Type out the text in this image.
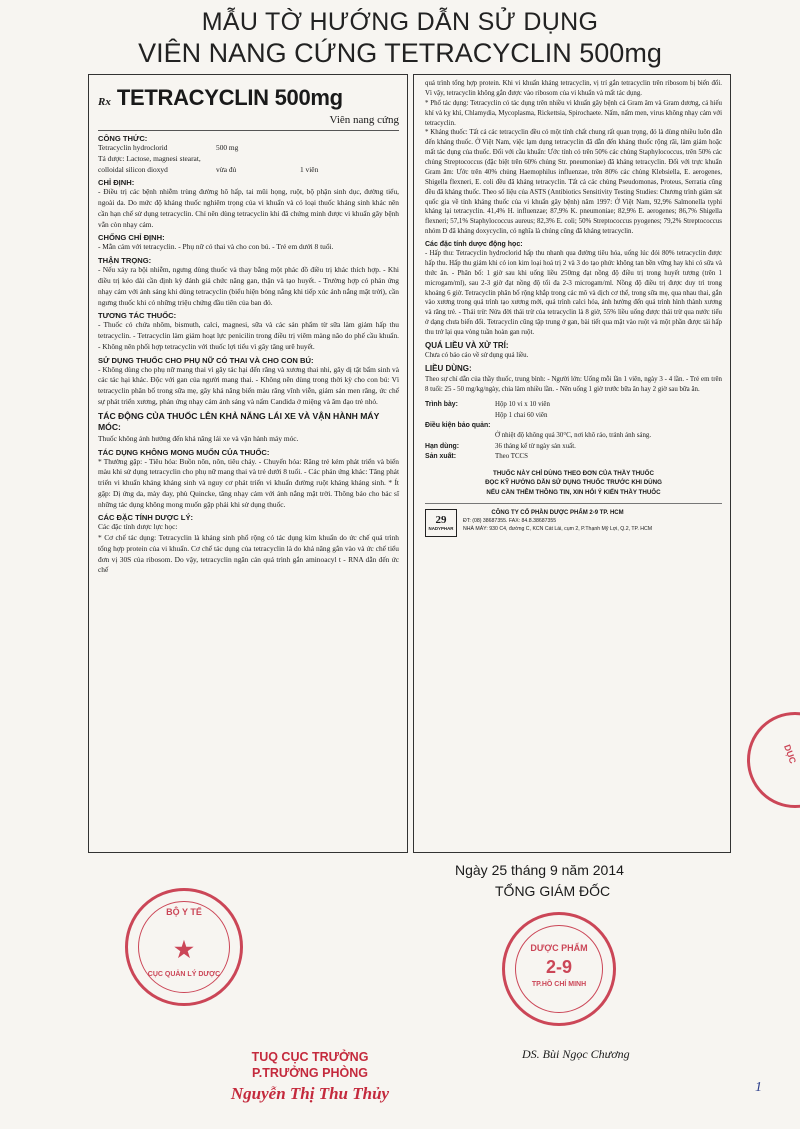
MẪU TỜ HƯỚNG DẪN SỬ DỤNG
VIÊN NANG CỨNG TETRACYCLIN 500mg
Rx TETRACYCLIN 500mg
Viên nang cứng
CÔNG THỨC:
Tetracyclin hydroclorid	500 mg
Tá dược: Lactose, magnesi stearat,
colloidal silicon dioxyd	vừa đủ	1 viên
CHỈ ĐỊNH:

- Điều trị các bệnh nhiễm trùng đường hô hấp, tai mũi họng, ruột, bộ phận sinh dục, đường tiểu, ngoài da. Do mức độ kháng thuốc nghiêm trọng của vi khuẩn và có loại thuốc kháng sinh khác nên cần hạn chế sử dụng tetracyclin. Chỉ nên dùng tetracyclin khi đã chứng minh được vi khuẩn gây bệnh vẫn còn nhạy cảm.

CHỐNG CHỈ ĐỊNH:

- Mẫn cảm với tetracyclin. - Phụ nữ có thai và cho con bú. - Trẻ em dưới 8 tuổi.

THẬN TRỌNG:

- Nếu xảy ra bội nhiễm, ngưng dùng thuốc và thay bằng một phác đồ điều trị khác thích hợp. - Khi điều trị kéo dài cần định kỳ đánh giá chức năng gan, thận và tạo huyết. - Trường hợp có phản ứng nhạy cảm với ánh sáng khi dùng tetracyclin (biểu hiện bỏng nắng khi tiếp xúc ánh nắng mặt trời), cần ngưng thuốc khi có những triệu chứng đầu tiên của ban đỏ.

TƯƠNG TÁC THUỐC:

- Thuốc có chứa nhôm, bismuth, calci, magnesi, sữa và các sản phẩm từ sữa làm giảm hấp thu tetracyclin. - Tetracyclin làm giảm hoạt lực penicilin trong điều trị viêm màng não do phế cầu khuẩn. - Không nên phối hợp tetracyclin với thuốc lợi tiểu vì gây tăng urê huyết.

SỬ DỤNG THUỐC CHO PHỤ NỮ CÓ THAI VÀ CHO CON BÚ:

- Không dùng cho phụ nữ mang thai vì gây tác hại đến răng và xương thai nhi, gây dị tật bẩm sinh và các tác hại khác. Độc với gan của người mang thai. - Không nên dùng trong thời kỳ cho con bú: Vì tetracyclin phân bố trong sữa mẹ, gây khả năng biến màu răng vĩnh viễn, giảm sản men răng, ức chế sự phát triển xương, phản ứng nhạy cảm ánh sáng và nấm Candida ở miệng và âm đạo trẻ nhỏ.

TÁC ĐỘNG CỦA THUỐC LÊN KHẢ NĂNG LÁI XE VÀ VẬN HÀNH MÁY MÓC:

Thuốc không ảnh hưởng đến khả năng lái xe và vận hành máy móc.

TÁC DỤNG KHÔNG MONG MUỐN CỦA THUỐC:

* Thường gặp: - Tiêu hóa: Buồn nôn, nôn, tiêu chảy. - Chuyển hóa: Răng trẻ kém phát triển và biến màu khi sử dụng tetracyclin cho phụ nữ mang thai và trẻ dưới 8 tuổi. - Các phản ứng khác: Tăng phát triển vi khuẩn kháng kháng sinh và nguy cơ phát triển vi khuẩn đường ruột kháng kháng sinh. * Ít gặp: Dị ứng da, mày đay, phù Quincke, tăng nhạy cảm với ánh nắng mặt trời. Thông báo cho bác sĩ những tác dụng không mong muốn gặp phải khi sử dụng thuốc.

CÁC ĐẶC TÍNH DƯỢC LÝ:

Các đặc tính dược lực học:

* Cơ chế tác dụng: Tetracyclin là kháng sinh phổ rộng có tác dụng kìm khuẩn do ức chế quá trình tổng hợp protein của vi khuẩn. Cơ chế tác dụng của tetracyclin là do khả năng gắn vào và ức chế tiểu đơn vị 30S của ribosom. Do vậy, tetracyclin ngăn cản quá trình gắn aminoacyl t - RNA dẫn đến ức chế

quá trình tổng hợp protein. Khi vi khuẩn kháng tetracyclin, vị trí gắn tetracyclin trên ribosom bị biến đổi. Vì vậy, tetracyclin không gắn được vào ribosom của vi khuẩn và mất tác dụng.

* Phổ tác dụng: Tetracyclin có tác dụng trên nhiều vi khuẩn gây bệnh cả Gram âm và Gram dương, cả hiếu khí và kỵ khí, Chlamydia, Mycoplasma, Rickettsia, Spirochaete. Nấm, nấm men, virus không nhạy cảm với tetracyclin.

* Kháng thuốc: Tất cả các tetracyclin đều có một tính chất chung rất quan trọng, đó là dùng nhiều luôn dẫn đến kháng thuốc. Ở Việt Nam, việc lạm dụng tetracyclin đã dẫn đến kháng thuốc rộng rãi, làm giảm hoặc mất tác dụng của thuốc. Đối với cầu khuẩn: Ước tính có trên 50% các chủng Staphylococcus, trên 50% các chủng Streptococcus (đặc biệt trên 60% chủng Str. pneumoniae) đã kháng tetracyclin. Đối với trực khuẩn Gram âm: Ước trên 40% chủng Haemophilus influenzae, trên 80% các chủng Klebsiella, E. aerogenes, Shigella flexneri, E. coli đều đã kháng tetracyclin. Tất cả các chủng Pseudomonas, Proteus, Serratia cũng đều đã kháng thuốc. Theo số liệu của ASTS (Antibiotics Sensitivity Testing Studies: Chương trình giám sát quốc gia về tính kháng thuốc của vi khuẩn gây bệnh) năm 1997: Ở Việt Nam, 92,9% Salmonella typhi kháng lại tetracyclin. 41,4% H. influenzae; 87,9% K. pneumoniae; 82,9% E. aerogenes; 86,7% Shigella flexneri; 57,1% Staphylococcus aureus; 82,3% E. coli; 50% Streptococcus pyogenes; 79,2% Streptococcus nhóm D đã kháng doxycyclin, có nghĩa là chúng cũng đã kháng tetracyclin.

Các đặc tính dược động học:

- Hấp thu: Tetracyclin hydroclorid hấp thu nhanh qua đường tiêu hóa, uống lúc đói 80% tetracyclin được hấp thu. Hấp thu giảm khi có ion kim loại hoá trị 2 và 3 do tạo phức không tan bền vững hay khi có sữa và thức ăn. - Phân bố: 1 giờ sau khi uống liều 250mg đạt nồng độ điều trị trong huyết tương (trên 1 microgam/ml), sau 2-3 giờ đạt nồng độ tối đa 2-3 microgam/ml. Nồng độ điều trị được duy trì trong khoảng 6 giờ. Tetracyclin phân bố rộng khắp trong các mô và dịch cơ thể, trong sữa mẹ, qua nhau thai, gắn vào xương trong quá trình tạo xương mới, quá trình calci hóa, ảnh hưởng đến quá trình hình thành xương và răng trẻ. - Thải trừ: Nửa đời thải trừ của tetracyclin là 8 giờ, 55% liều uống được thải trừ qua nước tiểu ở dạng chưa biến đổi. Tetracyclin cũng tập trung ở gan, bài tiết qua mật vào ruột và một phần được tái hấp thu trở lại qua vòng tuần hoàn gan ruột.

QUÁ LIỀU VÀ XỬ TRÍ:

Chưa có báo cáo về sử dụng quá liều.

LIỀU DÙNG:

Theo sự chỉ dẫn của thầy thuốc, trung bình: - Người lớn: Uống mỗi lần 1 viên, ngày 3 - 4 lần. - Trẻ em trên 8 tuổi: 25 - 50 mg/kg/ngày, chia làm nhiều lần. - Nên uống 1 giờ trước bữa ăn hay 2 giờ sau bữa ăn.

Trình bày:	Hộp 10 vỉ x 10 viên
Hộp 1 chai 60 viên
Điều kiện bảo quản:
Ở nhiệt độ không quá 30°C, nơi khô ráo, tránh ánh sáng.
Hạn dùng:	36 tháng kể từ ngày sản xuất.
Sản xuất:	Theo TCCS
THUỐC NÀY CHỈ DÙNG THEO ĐƠN CỦA THẦY THUỐC
ĐỌC KỸ HƯỚNG DẪN SỬ DỤNG THUỐC TRƯỚC KHI DÙNG
NẾU CẦN THÊM THÔNG TIN, XIN HỎI Ý KIẾN THẦY THUỐC
29
NADYPHAR
CÔNG TY CỔ PHẦN DƯỢC PHẨM 2-9 TP. HCM
ĐT: (08) 38687355. FAX: 84.8.38687355
NHÀ MÁY: 930 C4, đường C, KCN Cát Lái, cụm 2, P.Thạnh Mỹ Lợi, Q.2, TP. HCM
Ngày 25 tháng 9 năm 2014
TỔNG GIÁM ĐỐC
DS. Bùi Ngọc Chương
BỘ Y TẾ
★
CỤC QUẢN LÝ DƯỢC
DƯỢC PHẨM
2-9
TP.HỒ CHÍ MINH
DỤC
TUQ CỤC TRƯỞNG
P.TRƯỞNG PHÒNG
Nguyễn Thị Thu Thủy	1
